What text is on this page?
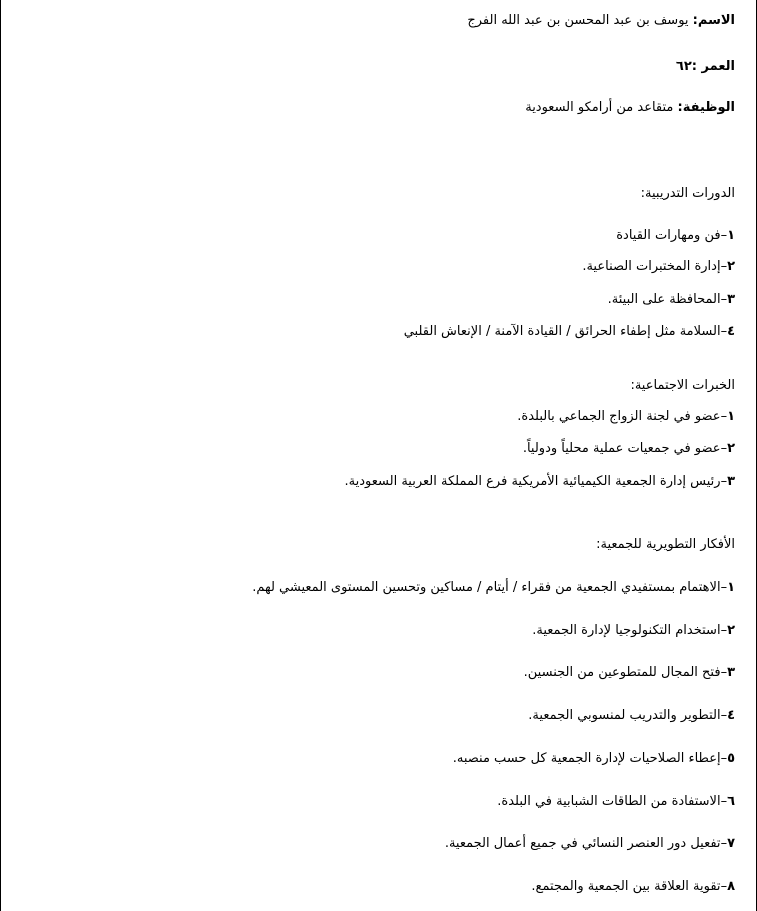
الاسم: يوسف بن عبد المحسن بن عبد الله الفرج

العمر :٦٢

الوظيفة: متقاعد من أرامكو السعودية

الدورات التدريبية:

١–فن ومهارات القيادة

٢–إدارة المختبرات الصناعية.

٣–المحافظة على البيئة.

٤–السلامة مثل إطفاء الحرائق / القيادة الآمنة / الإنعاش القلبي

الخبرات الاجتماعية:

١–عضو في لجنة الزواج الجماعي بالبلدة.

٢–عضو في جمعيات عملية محلياً ودولياً.

٣–رئيس إدارة الجمعية الكيميائية الأمريكية فرع المملكة العربية السعودية.

الأفكار التطويرية للجمعية:

١–الاهتمام بمستفيدي الجمعية من فقراء / أيتام / مساكين وتحسين المستوى المعيشي لهم.

٢–استخدام التكنولوجيا لإدارة الجمعية.

٣–فتح المجال للمتطوعين من الجنسين.

٤–التطوير والتدريب لمنسوبي الجمعية.

٥–إعطاء الصلاحيات لإدارة الجمعية كل حسب منصبه.

٦–الاستفادة من الطاقات الشبابية في البلدة.

٧–تفعيل دور العنصر النسائي في جميع أعمال الجمعية.

٨–تقوية العلاقة بين الجمعية والمجتمع.
